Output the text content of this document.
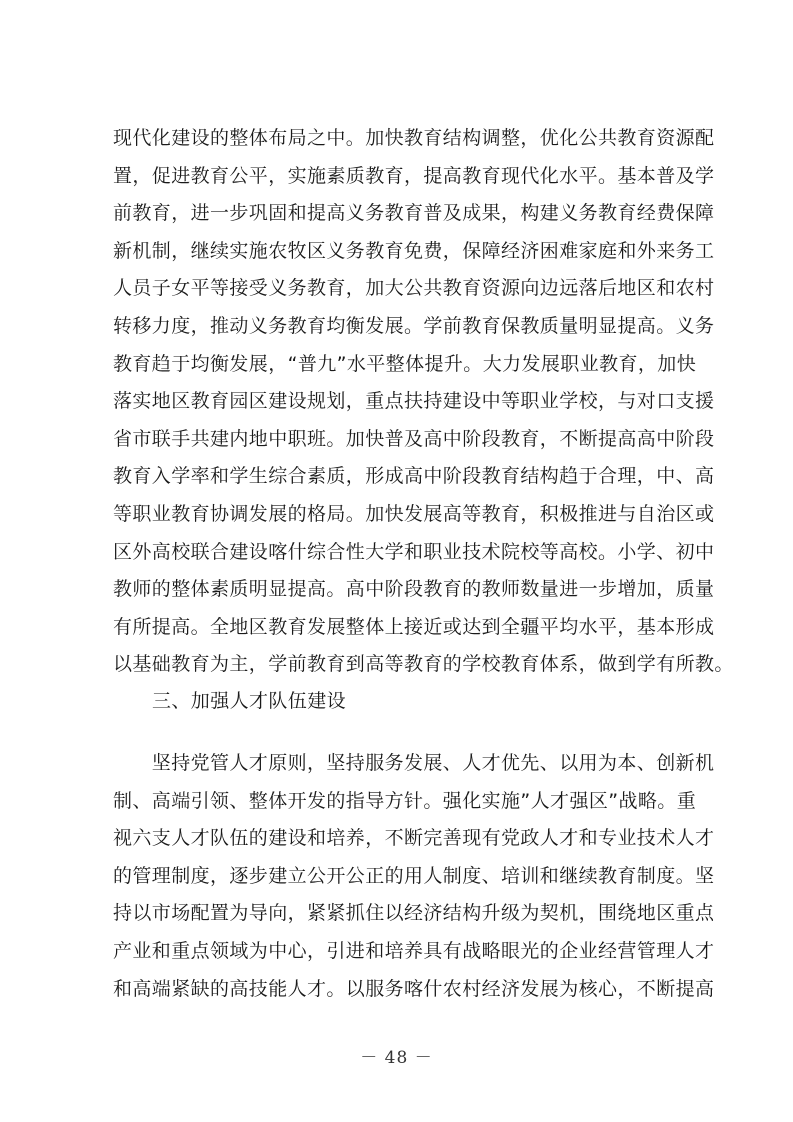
现代化建设的整体布局之中。加快教育结构调整，优化公共教育资源配
置，促进教育公平，实施素质教育，提高教育现代化水平。基本普及学
前教育，进一步巩固和提高义务教育普及成果，构建义务教育经费保障
新机制，继续实施农牧区义务教育免费，保障经济困难家庭和外来务工
人员子女平等接受义务教育，加大公共教育资源向边远落后地区和农村
转移力度，推动义务教育均衡发展。学前教育保教质量明显提高。义务
教育趋于均衡发展，“普九”水平整体提升。大力发展职业教育，加快
落实地区教育园区建设规划，重点扶持建设中等职业学校，与对口支援
省市联手共建内地中职班。加快普及高中阶段教育，不断提高高中阶段
教育入学率和学生综合素质，形成高中阶段教育结构趋于合理，中、高
等职业教育协调发展的格局。加快发展高等教育，积极推进与自治区或
区外高校联合建设喀什综合性大学和职业技术院校等高校。小学、初中
教师的整体素质明显提高。高中阶段教育的教师数量进一步增加，质量
有所提高。全地区教育发展整体上接近或达到全疆平均水平，基本形成
以基础教育为主，学前教育到高等教育的学校教育体系，做到学有所教。
三、加强人才队伍建设
　　坚持党管人才原则，坚持服务发展、人才优先、以用为本、创新机
制、高端引领、整体开发的指导方针。强化实施”人才强区”战略。重
视六支人才队伍的建设和培养，不断完善现有党政人才和专业技术人才
的管理制度，逐步建立公开公正的用人制度、培训和继续教育制度。坚
持以市场配置为导向，紧紧抓住以经济结构升级为契机，围绕地区重点
产业和重点领域为中心，引进和培养具有战略眼光的企业经营管理人才
和高端紧缺的高技能人才。以服务喀什农村经济发展为核心，不断提高
－ 48 －
